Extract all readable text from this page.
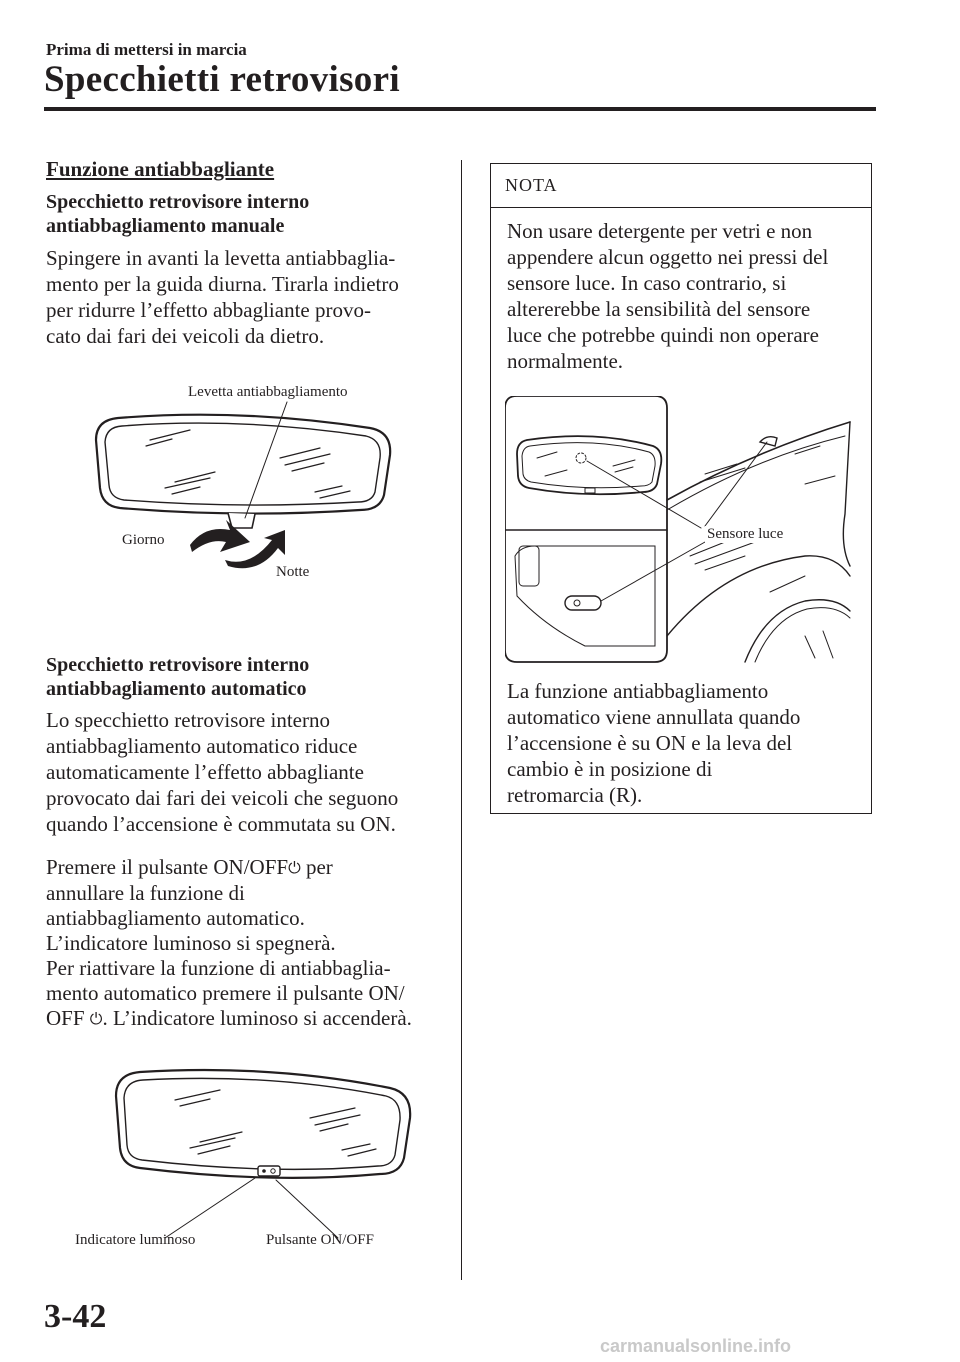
Prima di mettersi in marcia
Specchietti retrovisori
Funzione antiabbagliante
Specchietto retrovisore interno
antiabbagliamento manuale

Spingere in avanti la levetta antiabbaglia-

mento per la guida diurna. Tirarla indietro

per ridurre l’effetto abbagliante provo-

cato dai fari dei veicoli da dietro.

Levetta antiabbagliamento
Giorno
Notte
Specchietto retrovisore interno
antiabbagliamento automatico

Lo specchietto retrovisore interno

antiabbagliamento automatico riduce

automaticamente l’effetto abbagliante

provocato dai fari dei veicoli che seguono

quando l’accensione è commutata su ON.

Premere il pulsante ON/OFF⏻ per

annullare la funzione di

antiabbagliamento automatico.

L’indicatore luminoso si spegnerà.

Per riattivare la funzione di antiabbaglia-

mento automatico premere il pulsante ON/

OFF ⏻. L’indicatore luminoso si accenderà.

Indicatore luminoso	Pulsante ON/OFF
NOTA
Non usare detergente per vetri e non
appendere alcun oggetto nei pressi del
sensore luce. In caso contrario, si
altererebbe la sensibilità del sensore
luce che potrebbe quindi non operare
normalmente.
Sensore luce
La funzione antiabbagliamento
automatico viene annullata quando
l’accensione è su ON e la leva del
cambio è in posizione di
retromarcia (R).
3-42
carmanualsonline.info
